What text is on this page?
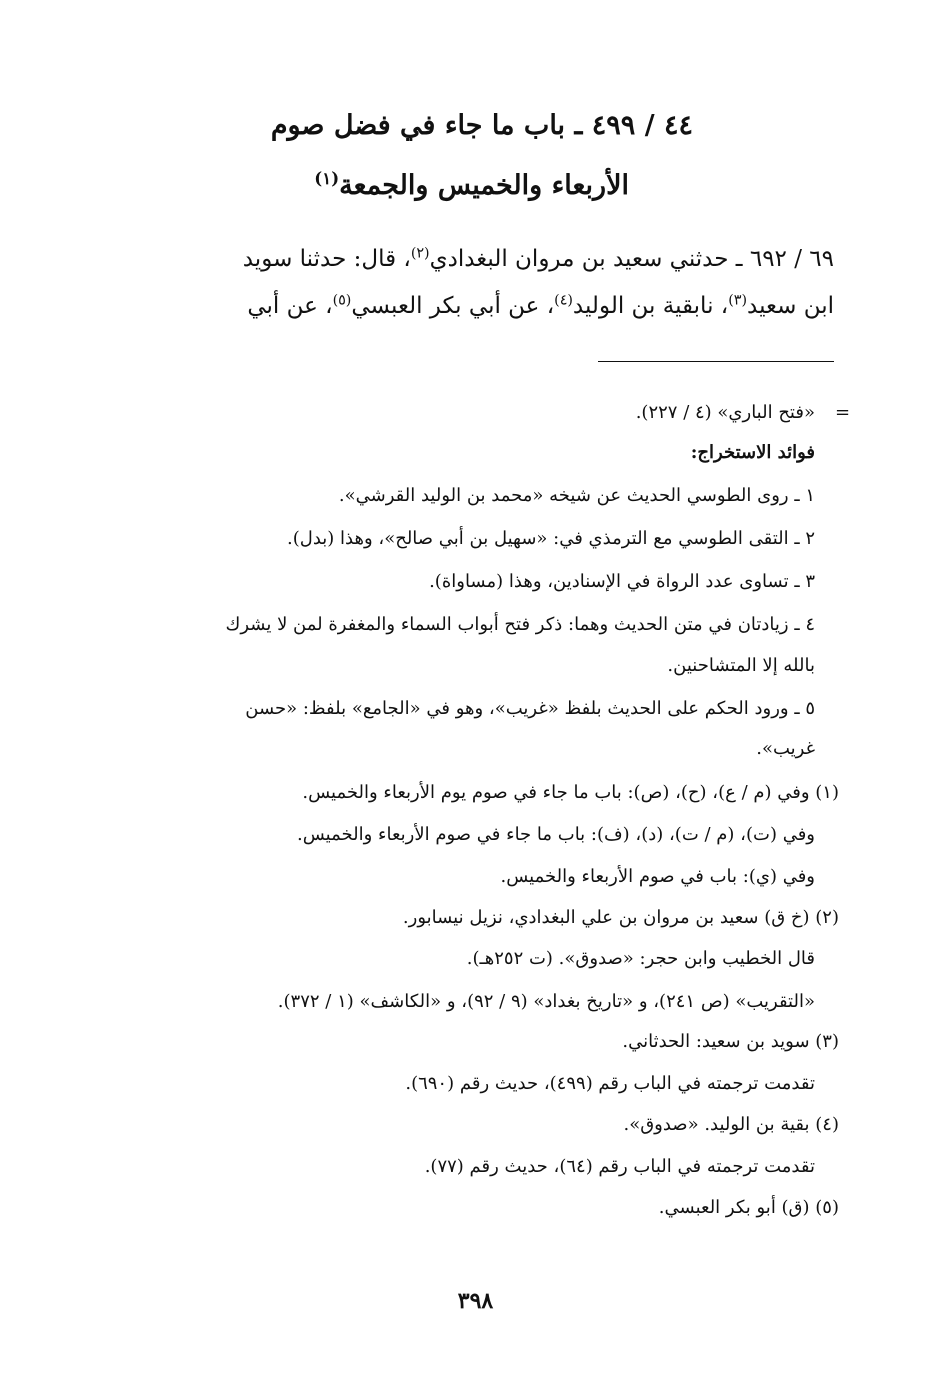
٤٤ / ٤٩٩ ـ باب ما جاء في فضل صوم
الأربعاء والخميس والجمعة$^{(١)}$
٦٩ / ٦٩٢ ـ حدثني سعيد بن مروان البغدادي$^{(٢)}$، قال: حدثنا سويد
ابن سعيد$^{(٣)}$، نابقية بن الوليد$^{(٤)}$، عن أبي بكر العبسي$^{(٥)}$، عن أبي
=
«فتح الباري» (٤ / ٢٢٧).
فوائد الاستخراج:
١ ـ روى الطوسي الحديث عن شيخه «محمد بن الوليد القرشي».
٢ ـ التقى الطوسي مع الترمذي في: «سهيل بن أبي صالح»، وهذا (بدل).
٣ ـ تساوى عدد الرواة في الإسنادين، وهذا (مساواة).
٤ ـ زيادتان في متن الحديث وهما: ذكر فتح أبواب السماء والمغفرة لمن لا يشرك
بالله إلا المتشاحنين.
٥ ـ ورود الحكم على الحديث بلفظ «غريب»، وهو في «الجامع» بلفظ: «حسن
غريب».
(١) وفي (م / ع)، (ح)، (ص): باب ما جاء في صوم يوم الأربعاء والخميس.
وفي (ت)، (م / ت)، (د)، (ف): باب ما جاء في صوم الأربعاء والخميس.
وفي (ي): باب في صوم الأربعاء والخميس.
(٢) (خ ق) سعيد بن مروان بن علي البغدادي، نزيل نيسابور.
قال الخطيب وابن حجر: «صدوق». (ت ٢٥٢هـ).
«التقريب» (ص ٢٤١)، و «تاريخ بغداد» (٩ / ٩٢)، و «الكاشف» (١ / ٣٧٢).
(٣) سويد بن سعيد: الحدثاني.
تقدمت ترجمته في الباب رقم (٤٩٩)، حديث رقم (٦٩٠).
(٤) بقية بن الوليد. «صدوق».
تقدمت ترجمته في الباب رقم (٦٤)، حديث رقم (٧٧).
(٥) (ق) أبو بكر العبسي.
٣٩٨
